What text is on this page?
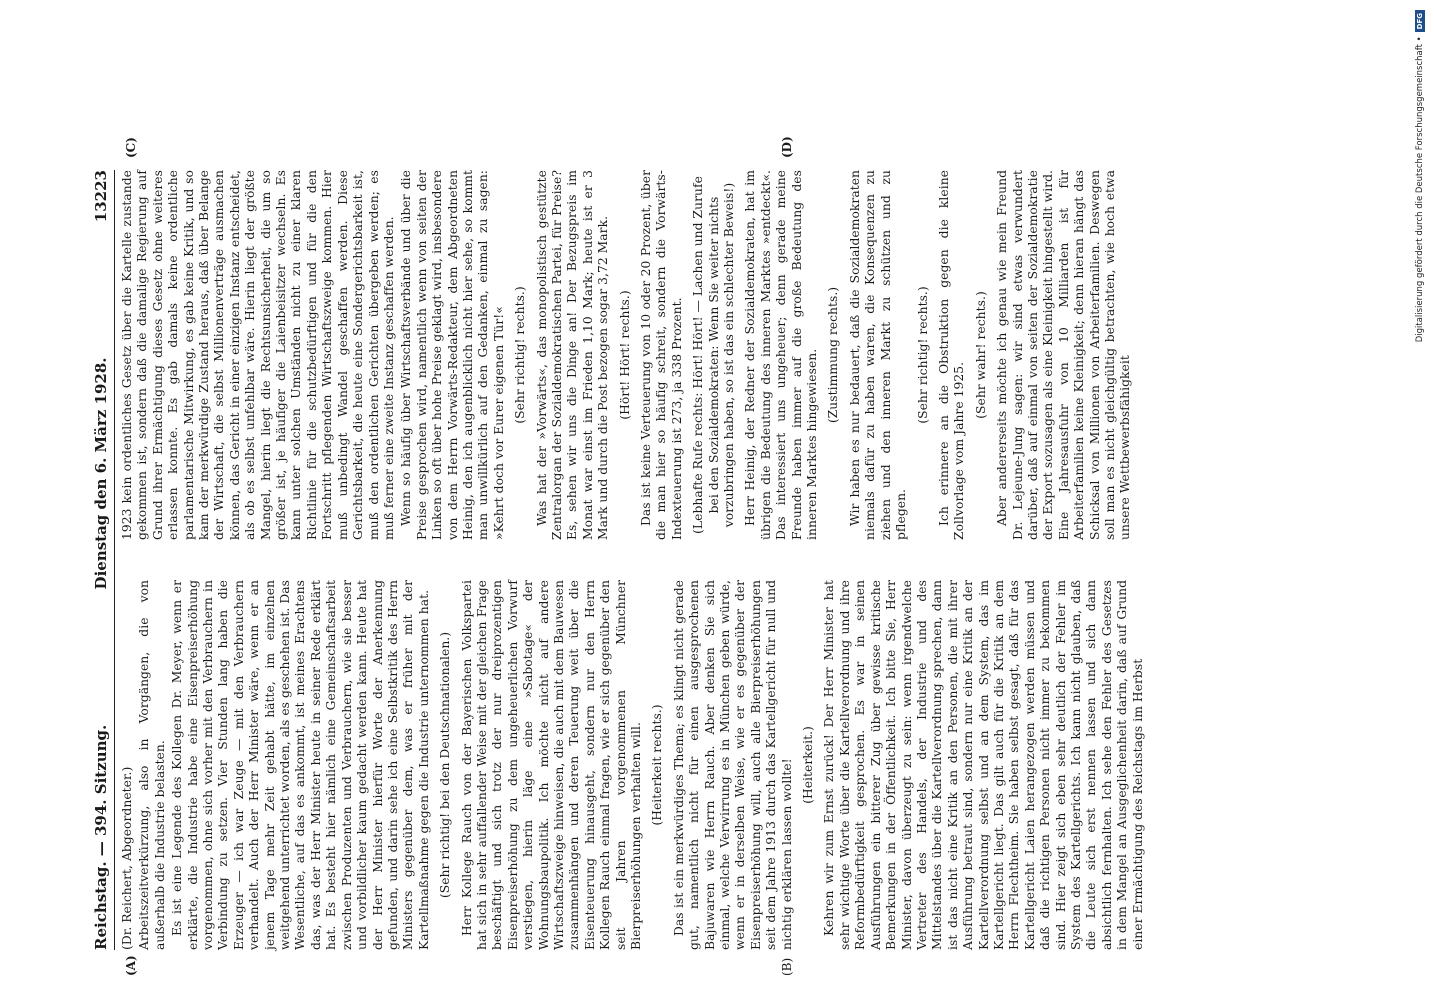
Reichstag. — 394. Sitzung.
Dienstag den 6. März 1928.
13223
(A)	(B)
(C)	(D)

(Dr. Reichert, Abgeordneter.) Arbeitszeitverkürzung, also in Vorgängen, die von außerhalb die Industrie belasten. Es ist eine Legende des Kollegen Dr. Meyer, wenn er erklärte, die Industrie habe eine Eisenpreiserhöhung vorgenommen, ohne sich vorher mit den Verbrauchern in Verbindung zu setzen. Vier Stunden lang haben die Erzeuger — ich war Zeuge — mit den Verbrauchern verhandelt. Auch der Herr Minister wäre, wenn er an jenem Tage mehr Zeit gehabt hätte, im einzelnen weitgehend unterrichtet worden, als es geschehen ist. Das Wesentliche, auf das es ankommt, ist meines Erachtens das, was der Herr Minister heute in seiner Rede erklärt hat. Es besteht hier nämlich eine Gemeinschaftsarbeit zwischen Produzenten und Verbrauchern, wie sie besser und vorbildlicher kaum gedacht werden kann. Heute hat der Herr Minister hierfür Worte der Anerkennung gefunden, und darin sehe ich eine Selbstkritik des Herrn Ministers gegenüber dem, was er früher mit der Kartellmaßnahme gegen die Industrie unternommen hat. (Sehr richtig! bei den Deutschnationalen.) Herr Kollege Rauch von der Bayerischen Volkspartei hat sich in sehr auffallender Weise mit der gleichen Frage beschäftigt und sich trotz der nur dreiprozentigen Eisenpreiserhöhung zu dem ungeheuerlichen Vorwurf verstiegen, hierin läge eine »Sabotage« der Wohnungsbaupolitik. Ich möchte nicht auf andere Wirtschaftszweige hinweisen, die auch mit dem Bauwesen zusammenhängen und deren Teuerung weit über die Eisenteuerung hinausgeht, sondern nur den Herrn Kollegen Rauch einmal fragen, wie er sich gegenüber den seit Jahren vorgenommenen Münchner Bierpreiserhöhungen verhalten will. (Heiterkeit rechts.) Das ist ein merkwürdiges Thema; es klingt nicht gerade gut, namentlich nicht für einen ausgesprochenen Bajuwaren wie Herrn Rauch. Aber denken Sie sich einmal, welche Verwirrung es in München geben würde, wenn er in derselben Weise, wie er es gegenüber der Eisenpreiserhöhung will, auch alle Bierpreiserhöhungen seit dem Jahre 1913 durch das Kartellgericht für null und nichtig erklären lassen wollte! (Heiterkeit.) Kehren wir zum Ernst zurück! Der Herr Minister hat sehr wichtige Worte über die Kartellverordnung und ihre Reformbedürftigkeit gesprochen. Es war in seinen Ausführungen ein bitterer Zug über gewisse kritische Bemerkungen in der Öffentlichkeit. Ich bitte Sie, Herr Minister, davon überzeugt zu sein: wenn irgendwelche Vertreter des Handels, der Industrie und des Mittelstandes über die Kartellverordnung sprechen, dann ist das nicht eine Kritik an den Personen, die mit ihrer Ausführung betraut sind, sondern nur eine Kritik an der Kartellverordnung selbst und an dem System, das im Kartellgericht liegt. Das gilt auch für die Kritik an dem Herrn Flechtheim. Sie haben selbst gesagt, daß für das Kartellgericht Laien herangezogen werden müssen und daß die richtigen Personen nicht immer zu bekommen sind. Hier zeigt sich eben sehr deutlich der Fehler im System des Kartellgerichts. Ich kann nicht glauben, daß die Leute sich erst nennen lassen und sich dann absichtlich fernhalten. Ich sehe den Fehler des Gesetzes in dem Mangel an Ausgeglichenheit darin, daß auf Grund einer Ermächtigung des Reichstags im Herbst

1923 kein ordentliches Gesetz über die Kartelle zustande gekommen ist, sondern daß die damalige Regierung auf Grund ihrer Ermächtigung dieses Gesetz ohne weiteres erlassen konnte. Es gab damals keine ordentliche parlamentarische Mitwirkung, es gab keine Kritik, und so kam der merkwürdige Zustand heraus, daß über Belange der Wirtschaft, die selbst Millionenverträge ausmachen können, das Gericht in einer einzigen Instanz entscheidet, als ob es selbst unfehlbar wäre. Hierin liegt der größte Mangel, hierin liegt die Rechtsunsicherheit, die um so größer ist, je häufiger die Laienbeisitzer wechseln. Es kann unter solchen Umständen nicht zu einer klaren Richtlinie für die schutzbedürftigen und für die den Fortschritt pflegenden Wirtschaftszweige kommen. Hier muß unbedingt Wandel geschaffen werden. Diese Gerichtsbarkeit, die heute eine Sondergerichtsbarkeit ist, muß den ordentlichen Gerichten übergeben werden; es muß ferner eine zweite Instanz geschaffen werden. Wenn so häufig über Wirtschaftsverbände und über die Preise gesprochen wird, namentlich wenn von seiten der Linken so oft über hohe Preise geklagt wird, insbesondere von dem Herrn Vorwärts-Redakteur, dem Abgeordneten Heinig, den ich augenblicklich nicht hier sehe, so kommt man unwillkürlich auf den Gedanken, einmal zu sagen: »Kehrt doch vor Eurer eigenen Tür!« (Sehr richtig! rechts.) Was hat der »Vorwärts«, das monopolistisch gestützte Zentralorgan der Sozialdemokratischen Partei, für Preise? Es, sehen wir uns die Dinge an! Der Bezugspreis im Monat war einst im Frieden 1,10 Mark; heute ist er 3 Mark und durch die Post bezogen sogar 3,72 Mark. (Hört! Hört! rechts.) Das ist keine Verteuerung von 10 oder 20 Prozent, über die man hier so häufig schreit, sondern die Vorwärts-Indexteuerung ist 273, ja 338 Prozent. (Lebhafte Rufe rechts: Hört! Hört! — Lachen und Zurufe bei den Sozialdemokraten: Wenn Sie weiter nichts vorzubringen haben, so ist das ein schlechter Beweis!) Herr Heinig, der Redner der Sozialdemokraten, hat im übrigen die Bedeutung des inneren Marktes »entdeckt«. Das interessiert uns ungeheuer; denn gerade meine Freunde haben immer auf die große Bedeutung des inneren Marktes hingewiesen. (Zustimmung rechts.) Wir haben es nur bedauert, daß die Sozialdemokraten niemals dafür zu haben waren, die Konsequenzen zu ziehen und den inneren Markt zu schützen und zu pflegen.

(Sehr richtig! rechts.) Ich erinnere an die Obstruktion gegen die kleine Zollvorlage vom Jahre 1925.

(Sehr wahr! rechts.) Aber andererseits möchte ich genau wie mein Freund Dr. Lejeune-Jung sagen: wir sind etwas verwundert darüber, daß auf einmal von seiten der Sozialdemokratie der Export sozusagen als eine Kleinigkeit hingestellt wird. Eine Jahresausfuhr von 10 Milliarden ist für Arbeiterfamilien keine Kleinigkeit; denn hieran hängt das Schicksal von Millionen von Arbeiterfamilien. Deswegen soll man es nicht gleichgültig betrachten, wie hoch etwa unsere Wettbewerbsfähigkeit

Digitalisierung gefördert durch die Deutsche Forschungsgemeinschaft •
DFG
